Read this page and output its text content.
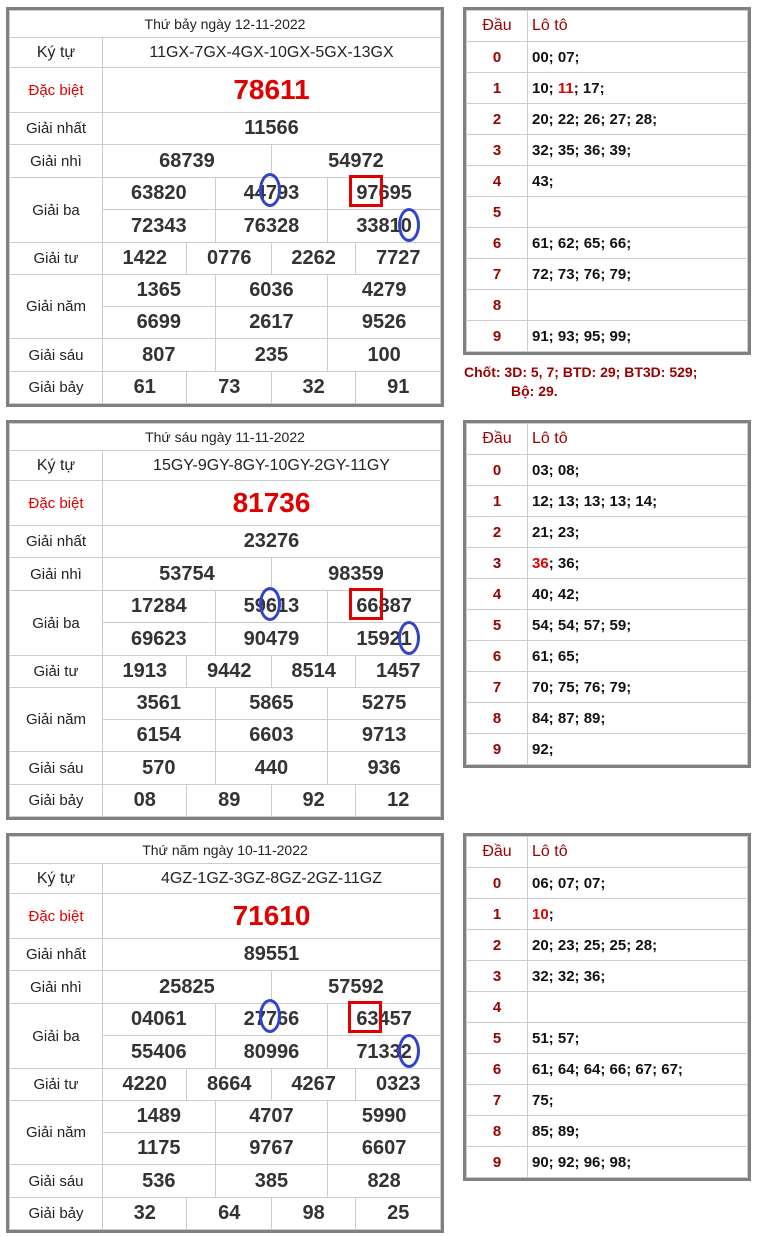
Thứ bảy ngày 12-11-2022						
Ký tự	11GX-7GX-4GX-10GX-5GX-13GX					
Đặc biệt	78611					
Giải nhất	11566					
Giải nhì	68739			54972		
Giải ba	63820		44793		97695	
	72343		76328		33810	
Giải tư	1422	0776		2262		7727
Giải năm	1365		6036		4279	
	6699		2617		9526	
Giải sáu	807		235		100	
Giải bảy	61	73		32		91
Đầu	Lô tô
0	00; 07;
1	10; 11; 17;
2	20; 22; 26; 27; 28;
3	32; 35; 36; 39;
4	43;
5	
6	61; 62; 65; 66;
7	72; 73; 76; 79;
8	
9	91; 93; 95; 99;
Thứ sáu ngày 11-11-2022						
Ký tự	15GY-9GY-8GY-10GY-2GY-11GY					
Đặc biệt	81736					
Giải nhất	23276					
Giải nhì	53754			98359		
Giải ba	17284		59613		66887	
	69623		90479		15921	
Giải tư	1913	9442		8514		1457
Giải năm	3561		5865		5275	
	6154		6603		9713	
Giải sáu	570		440		936	
Giải bảy	08	89		92		12
Đầu	Lô tô
0	03; 08;
1	12; 13; 13; 13; 14;
2	21; 23;
3	36; 36;
4	40; 42;
5	54; 54; 57; 59;
6	61; 65;
7	70; 75; 76; 79;
8	84; 87; 89;
9	92;
Thứ năm ngày 10-11-2022						
Ký tự	4GZ-1GZ-3GZ-8GZ-2GZ-11GZ					
Đặc biệt	71610					
Giải nhất	89551					
Giải nhì	25825			57592		
Giải ba	04061		27766		63457	
	55406		80996		71332	
Giải tư	4220	8664		4267		0323
Giải năm	1489		4707		5990	
	1175		9767		6607	
Giải sáu	536		385		828	
Giải bảy	32	64		98		25
Đầu	Lô tô
0	06; 07; 07;
1	10;
2	20; 23; 25; 25; 28;
3	32; 32; 36;
4	
5	51; 57;
6	61; 64; 64; 66; 67; 67;
7	75;
8	85; 89;
9	90; 92; 96; 98;
Chốt: 3D: 5, 7; BTD: 29; BT3D: 529;
Bộ: 29.
